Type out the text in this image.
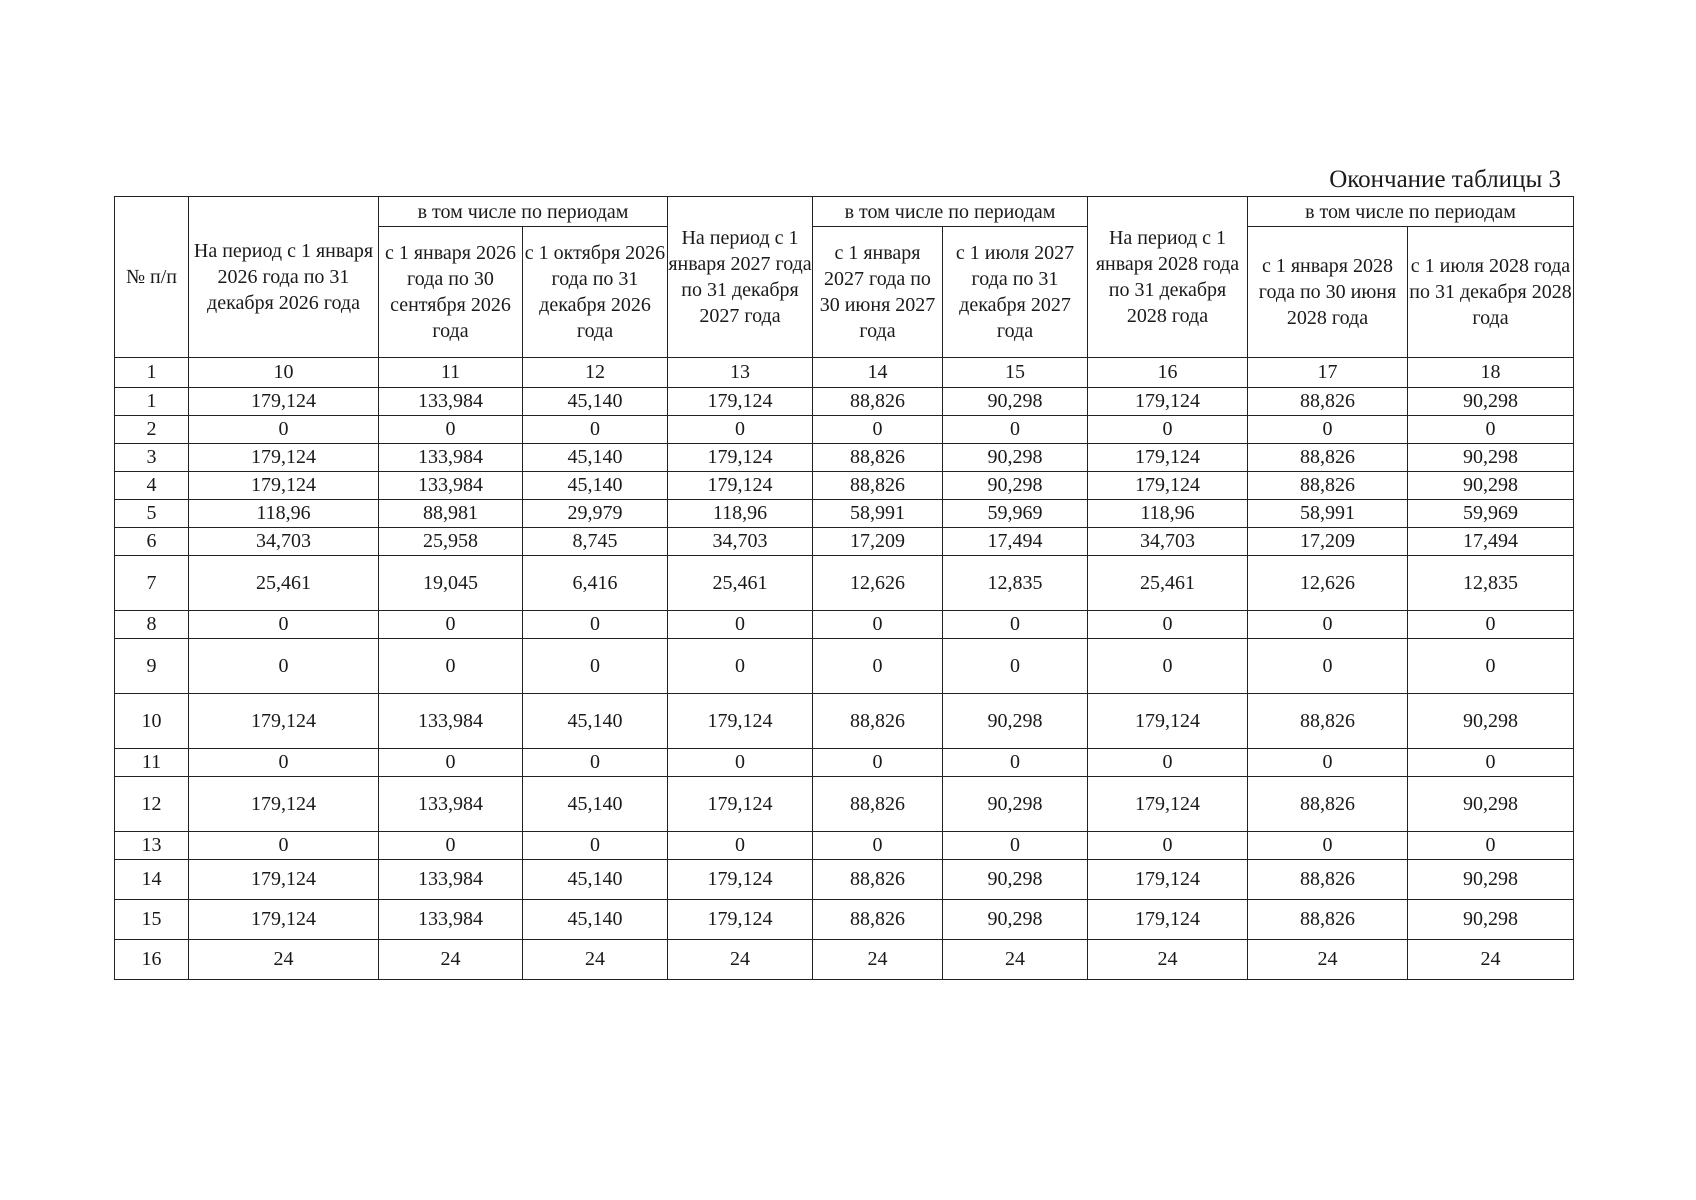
Окончание таблицы 3
№ п/п	На период с 1 января 2026 года по 31 декабря 2026 года	в том числе по периодам		На период с 1 января 2027 года по 31 декабря 2027 года	в том числе по периодам		На период с 1 января 2028 года по 31 декабря 2028 года	в том числе по периодам	
		с 1 января 2026 года по 30 сентября 2026 года	с 1 октября 2026 года по 31 декабря 2026 года		с 1 января 2027 года по 30 июня 2027 года	с 1 июля 2027 года по 31 декабря 2027 года		с 1 января 2028 года по 30 июня 2028 года	с 1 июля 2028 года по 31 декабря 2028 года
1	10	11	12	13	14	15	16	17	18
1	179,124	133,984	45,140	179,124	88,826	90,298	179,124	88,826	90,298
2	0	0	0	0	0	0	0	0	0
3	179,124	133,984	45,140	179,124	88,826	90,298	179,124	88,826	90,298
4	179,124	133,984	45,140	179,124	88,826	90,298	179,124	88,826	90,298
5	118,96	88,981	29,979	118,96	58,991	59,969	118,96	58,991	59,969
6	34,703	25,958	8,745	34,703	17,209	17,494	34,703	17,209	17,494
7	25,461	19,045	6,416	25,461	12,626	12,835	25,461	12,626	12,835
8	0	0	0	0	0	0	0	0	0
9	0	0	0	0	0	0	0	0	0
10	179,124	133,984	45,140	179,124	88,826	90,298	179,124	88,826	90,298
11	0	0	0	0	0	0	0	0	0
12	179,124	133,984	45,140	179,124	88,826	90,298	179,124	88,826	90,298
13	0	0	0	0	0	0	0	0	0
14	179,124	133,984	45,140	179,124	88,826	90,298	179,124	88,826	90,298
15	179,124	133,984	45,140	179,124	88,826	90,298	179,124	88,826	90,298
16	24	24	24	24	24	24	24	24	24
